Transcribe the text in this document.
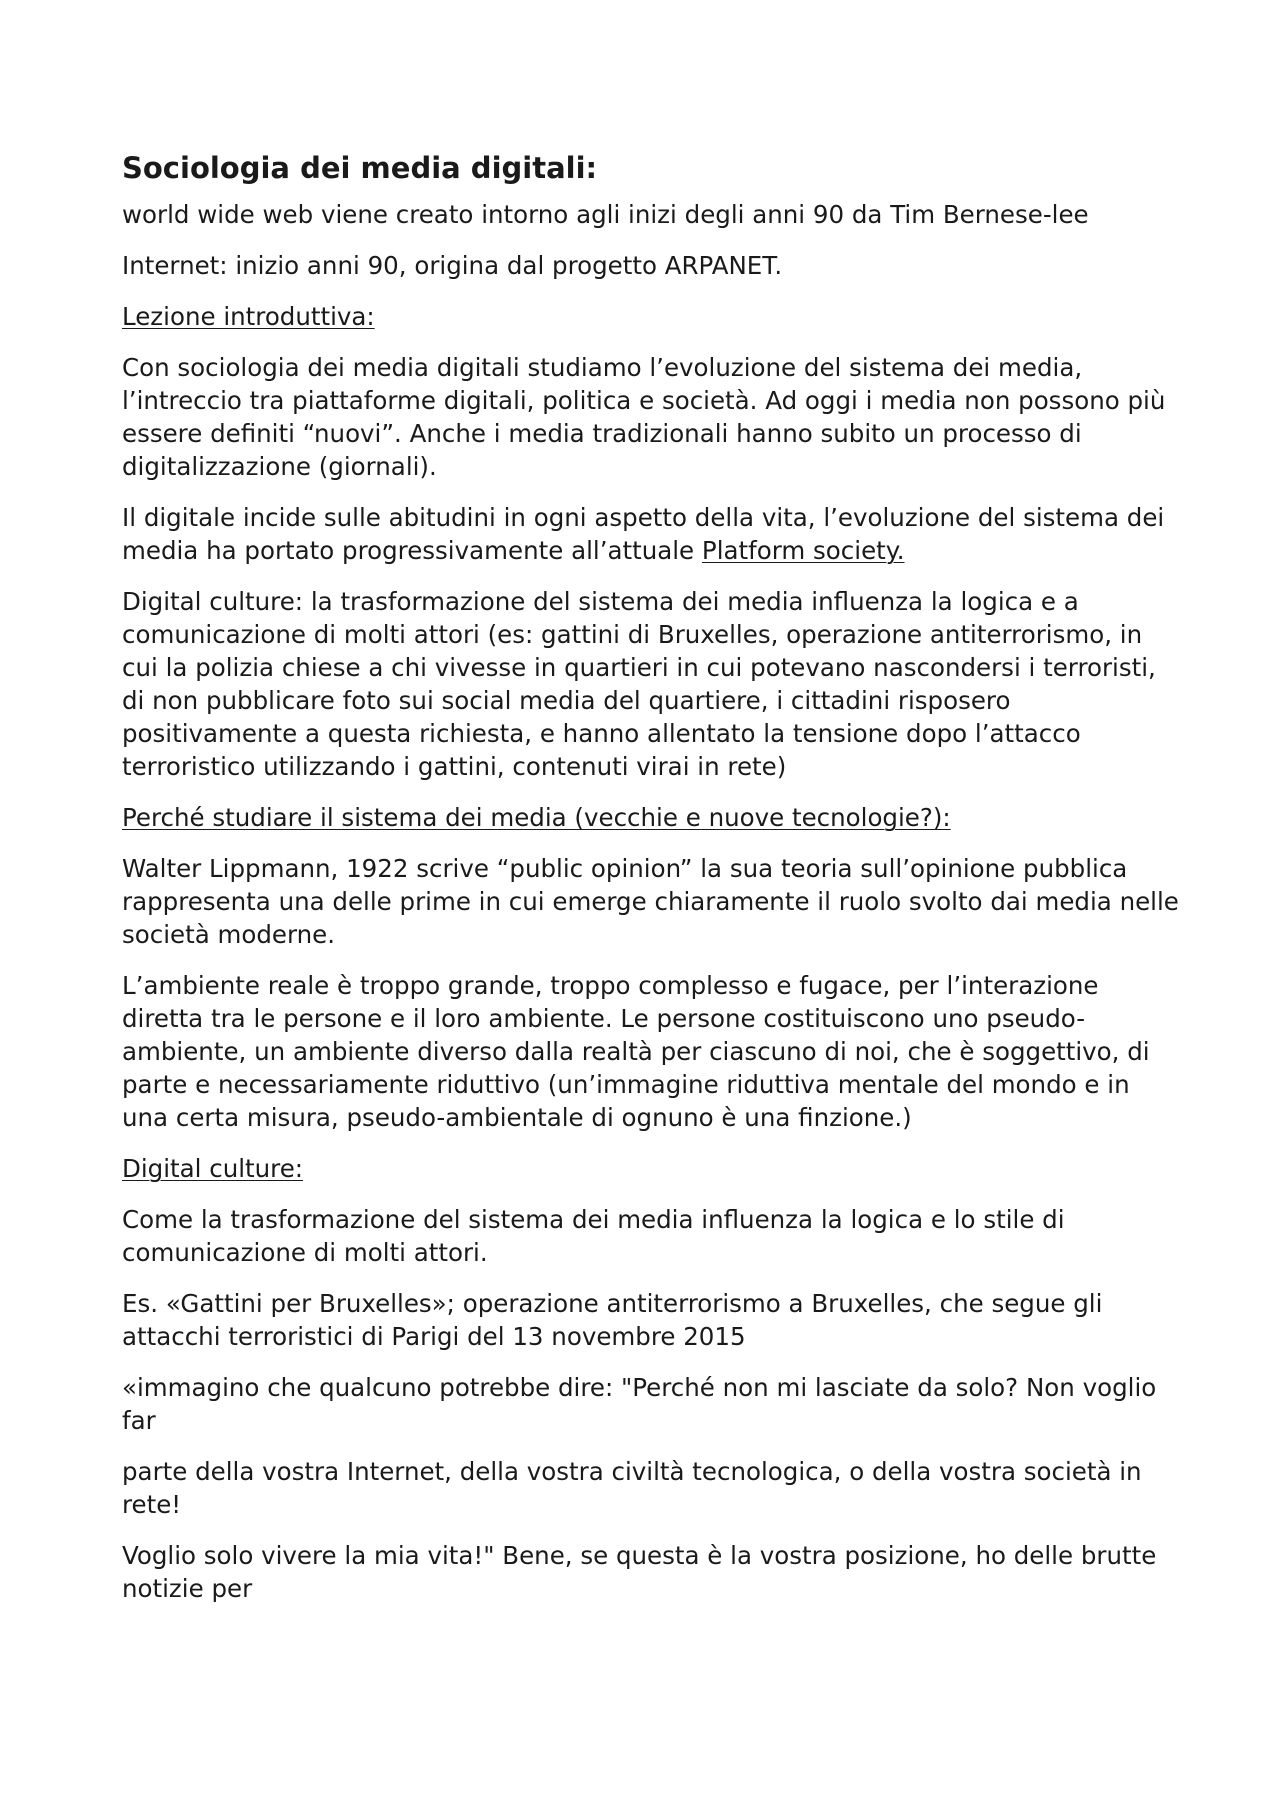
Sociologia dei media digitali:

world wide web viene creato intorno agli inizi degli anni 90 da Tim Bernese-lee

Internet: inizio anni 90, origina dal progetto ARPANET.

Lezione introduttiva:

Con sociologia dei media digitali studiamo l’evoluzione del sistema dei media, l’intreccio tra piattaforme digitali, politica e società. Ad oggi i media non possono più essere definiti “nuovi”. Anche i media tradizionali hanno subito un processo di digitalizzazione (giornali).

Il digitale incide sulle abitudini in ogni aspetto della vita, l’evoluzione del sistema dei media ha portato progressivamente all’attuale Platform society.

Digital culture: la trasformazione del sistema dei media influenza la logica e a comunicazione di molti attori (es: gattini di Bruxelles, operazione antiterrorismo, in cui la polizia chiese a chi vivesse in quartieri in cui potevano nascondersi i terroristi, di non pubblicare foto sui social media del quartiere, i cittadini risposero positivamente a questa richiesta, e hanno allentato la tensione dopo l’attacco terroristico utilizzando i gattini, contenuti virai in rete)

Perché studiare il sistema dei media (vecchie e nuove tecnologie?):

Walter Lippmann, 1922 scrive “public opinion” la sua teoria sull’opinione pubblica rappresenta una delle prime in cui emerge chiaramente il ruolo svolto dai media nelle società moderne.

L’ambiente reale è troppo grande, troppo complesso e fugace, per l’interazione diretta tra le persone e il loro ambiente. Le persone costituiscono uno pseudo-ambiente, un ambiente diverso dalla realtà per ciascuno di noi, che è soggettivo, di parte e necessariamente riduttivo (un’immagine riduttiva mentale del mondo e in una certa misura, pseudo-ambientale di ognuno è una finzione.)

Digital culture:

Come la trasformazione del sistema dei media influenza la logica e lo stile di comunicazione di molti attori.

Es. «Gattini per Bruxelles»; operazione antiterrorismo a Bruxelles, che segue gli attacchi terroristici di Parigi del 13 novembre 2015

«immagino che qualcuno potrebbe dire: "Perché non mi lasciate da solo? Non voglio far

parte della vostra Internet, della vostra civiltà tecnologica, o della vostra società in rete!

Voglio solo vivere la mia vita!" Bene, se questa è la vostra posizione, ho delle brutte notizie per
